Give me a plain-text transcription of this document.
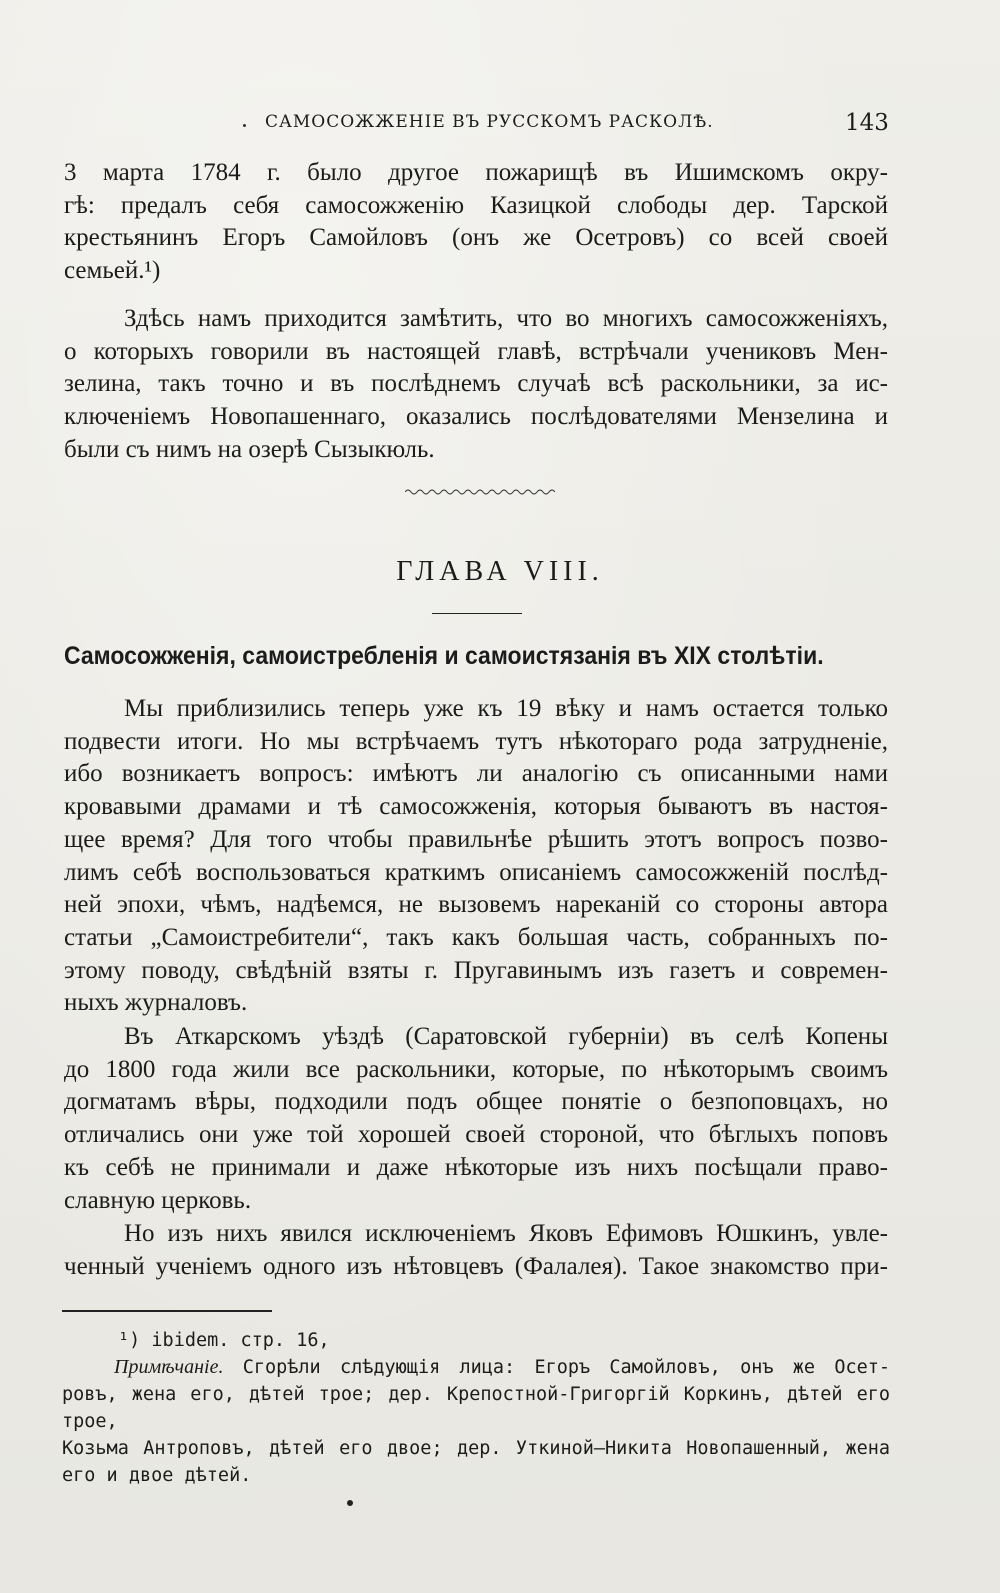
САМОСОЖЖЕНІЕ ВЪ РУССКОМЪ РАСКОЛѢ.	143

3 марта 1784 г. было другое пожарищѣ въ Ишимскомъ окру-

гѣ: предалъ себя самосожженію Казицкой слободы дер. Тарской

крестьянинъ Егоръ Самойловъ (онъ же Осетровъ) со всей своей

семьей.¹)

Здѣсь намъ приходится замѣтить, что во многихъ самосожженіяхъ,

о которыхъ говорили въ настоящей главѣ, встрѣчали учениковъ Мен-

зелина, такъ точно и въ послѣднемъ случаѣ всѣ раскольники, за ис-

ключеніемъ Новопашеннаго, оказались послѣдователями Мензелина и

были съ нимъ на озерѣ Сызыкюль.

ГЛАВА VIII.
Самосожженія, самоистребленія и самоистязанія въ XIX столѣтіи.

Мы приблизились теперь уже къ 19 вѣку и намъ остается только

подвести итоги. Но мы встрѣчаемъ тутъ нѣкотораго рода затрудненіе,

ибо возникаетъ вопросъ: имѣютъ ли аналогію съ описанными нами

кровавыми драмами и тѣ самосожженія, которыя бываютъ въ настоя-

щее время? Для того чтобы правильнѣе рѣшить этотъ вопросъ позво-

лимъ себѣ воспользоваться краткимъ описаніемъ самосожженій послѣд-

ней эпохи, чѣмъ, надѣемся, не вызовемъ нареканій со стороны автора

статьи „Самоистребители“, такъ какъ большая часть, собранныхъ по-

этому поводу, свѣдѣній взяты г. Пругавинымъ изъ газетъ и современ-

ныхъ журналовъ.

Въ Аткарскомъ уѣздѣ (Саратовской губерніи) въ селѣ Копены

до 1800 года жили все раскольники, которые, по нѣкоторымъ своимъ

догматамъ вѣры, подходили подъ общее понятіе о безпоповцахъ, но

отличались они уже той хорошей своей стороной, что бѣглыхъ поповъ

къ себѣ не принимали и даже нѣкоторые изъ нихъ посѣщали право-

славную церковь.

Но изъ нихъ явился исключеніемъ Яковъ Ефимовъ Юшкинъ, увле-

ченный ученіемъ одного изъ нѣтовцевъ (Фалалея). Такое знакомство при-

¹) ibidem. стр. 16,

Примѣчаніе. Сгорѣли слѣдующія лица: Егоръ Самойловъ, онъ же Осет-

ровъ, жена его, дѣтей трое; дер. Крепостной-Григоргій Коркинъ, дѣтей его трое,

Козьма Антроповъ, дѣтей его двое; дер. Уткиной—Никита Новопашенный, жена

его и двое дѣтей.
